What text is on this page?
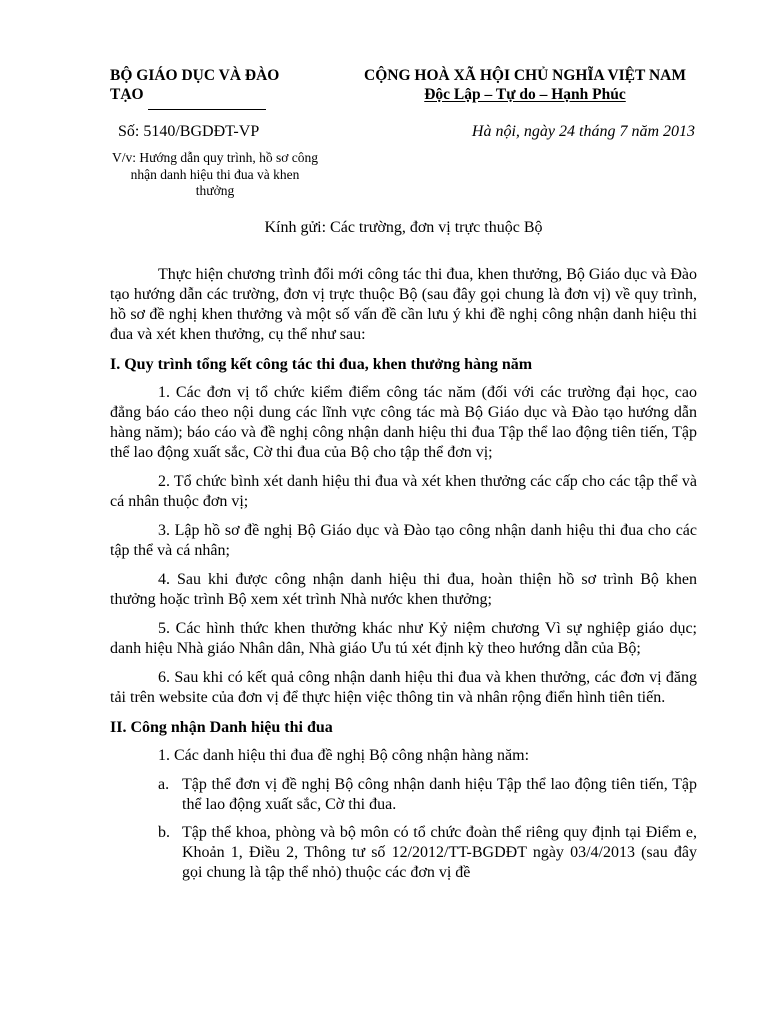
BỘ GIÁO DỤC VÀ ĐÀO TẠO
CỘNG HOÀ XÃ HỘI CHỦ NGHĨA VIỆT NAM
Độc Lập – Tự do – Hạnh Phúc
Số: 5140/BGDĐT-VP	Hà nội, ngày 24 tháng 7 năm 2013
V/v: Hướng dẫn quy trình, hồ sơ công nhận danh hiệu thi đua và khen thưởng
Kính gửi: Các trường, đơn vị trực thuộc Bộ

Thực hiện chương trình đổi mới công tác thi đua, khen thưởng, Bộ Giáo dục và Đào tạo hướng dẫn các trường, đơn vị trực thuộc Bộ (sau đây gọi chung là đơn vị) về quy trình, hồ sơ đề nghị khen thưởng và một số vấn đề cần lưu ý khi đề nghị công nhận danh hiệu thi đua và xét khen thưởng, cụ thể như sau:

I. Quy trình tổng kết công tác thi đua, khen thưởng hàng năm

1. Các đơn vị tổ chức kiểm điểm công tác năm (đối với các trường đại học, cao đẳng báo cáo theo nội dung các lĩnh vực công tác mà Bộ Giáo dục và Đào tạo hướng dẫn hàng năm); báo cáo và đề nghị công nhận danh hiệu thi đua Tập thể lao động tiên tiến, Tập thể lao động xuất sắc, Cờ thi đua của Bộ cho tập thể đơn vị;

2. Tổ chức bình xét danh hiệu thi đua và xét khen thưởng các cấp cho các tập thể và cá nhân thuộc đơn vị;

3. Lập hồ sơ đề nghị Bộ Giáo dục và Đào tạo công nhận danh hiệu thi đua cho các tập thể và cá nhân;

4. Sau khi được công nhận danh hiệu thi đua, hoàn thiện hồ sơ trình Bộ khen thưởng hoặc trình Bộ xem xét trình Nhà nước khen thưởng;

5. Các hình thức khen thưởng khác như Kỷ niệm chương Vì sự nghiệp giáo dục; danh hiệu Nhà giáo Nhân dân, Nhà giáo Ưu tú xét định kỳ theo hướng dẫn của Bộ;

6. Sau khi có kết quả công nhận danh hiệu thi đua và khen thưởng, các đơn vị đăng tải trên website của đơn vị để thực hiện việc thông tin và nhân rộng điển hình tiên tiến.

II. Công nhận Danh hiệu thi đua

1. Các danh hiệu thi đua đề nghị Bộ công nhận hàng năm:

a. Tập thể đơn vị đề nghị Bộ công nhận danh hiệu Tập thể lao động tiên tiến, Tập thể lao động xuất sắc, Cờ thi đua.
b. Tập thể khoa, phòng và bộ môn có tổ chức đoàn thể riêng quy định tại Điểm e, Khoản 1, Điều 2, Thông tư số 12/2012/TT-BGDĐT ngày 03/4/2013 (sau đây gọi chung là tập thể nhỏ) thuộc các đơn vị đề
